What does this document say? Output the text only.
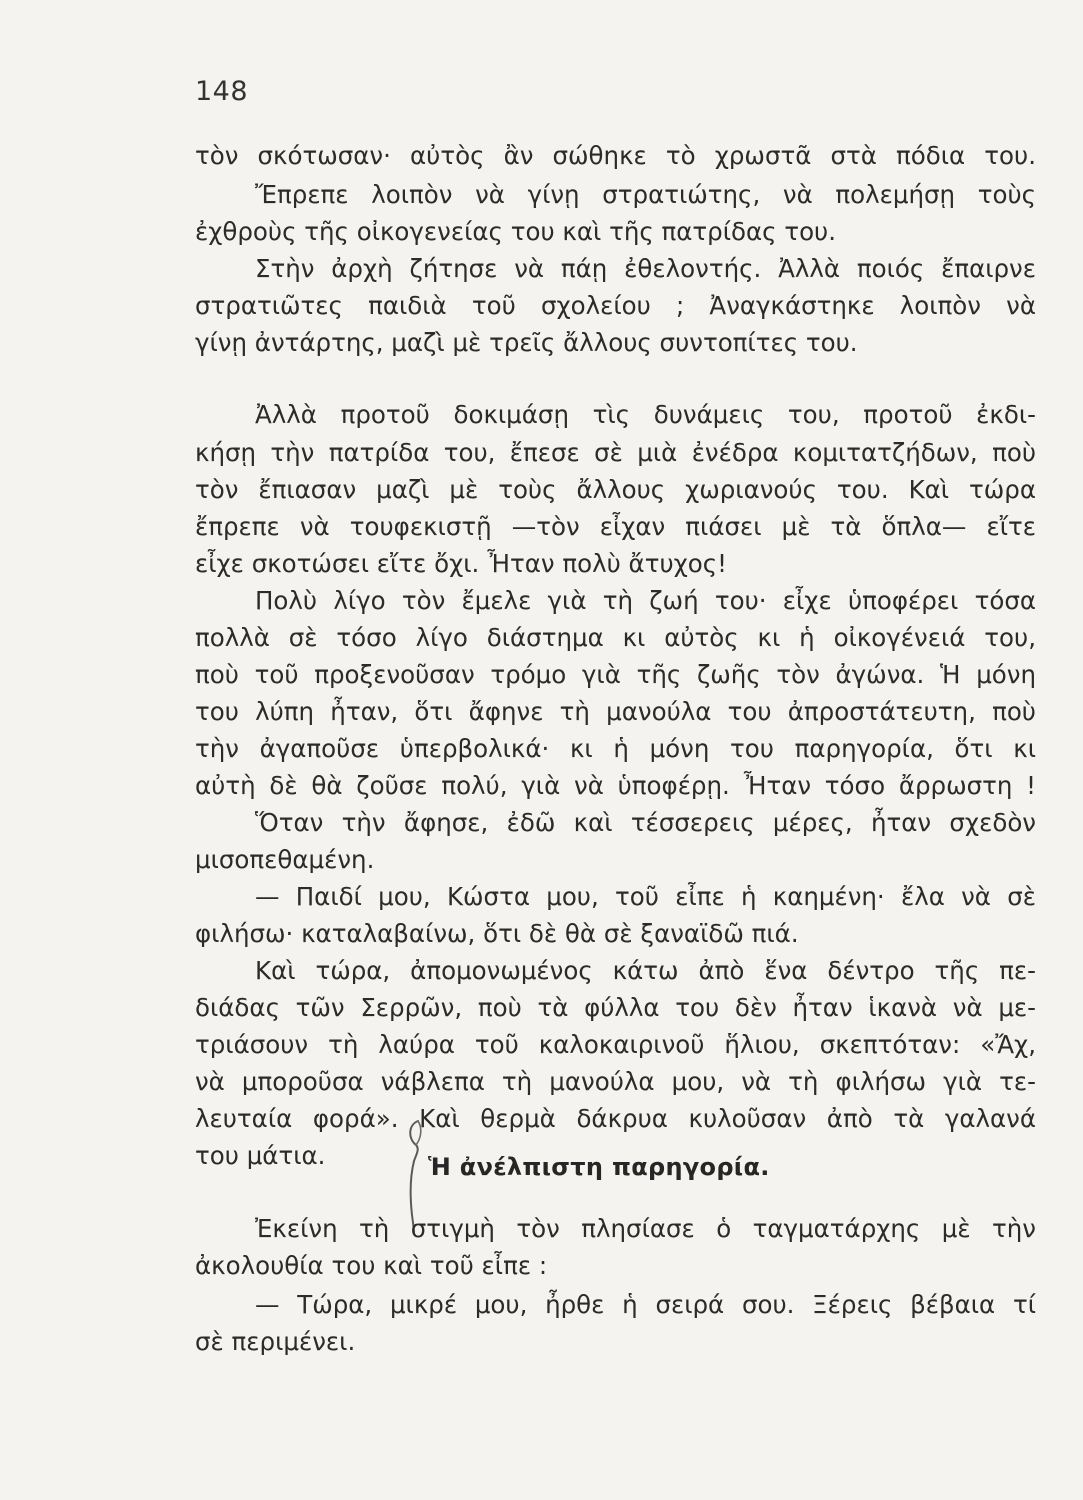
148
τὸν σκότωσαν· αὐτὸς ἂν σώθηκε τὸ χρωστᾶ στὰ πόδια του.
Ἔπρεπε λοιπὸν νὰ γίνῃ στρατιώτης, νὰ πολεμήσῃ τοὺς
ἐχθροὺς τῆς οἰκογενείας του καὶ τῆς πατρίδας του.
Στὴν ἀρχὴ ζήτησε νὰ πάῃ ἐθελοντής. Ἀλλὰ ποιός ἔπαιρνε
στρατιῶτες παιδιὰ τοῦ σχολείου ; Ἀναγκάστηκε λοιπὸν νὰ
γίνῃ ἀντάρτης, μαζὶ μὲ τρεῖς ἄλλους συντοπίτες του.
Ἀλλὰ προτοῦ δοκιμάσῃ τὶς δυνάμεις του, προτοῦ ἐκδι-
κήσῃ τὴν πατρίδα του, ἔπεσε σὲ μιὰ ἐνέδρα κομιτατζήδων, ποὺ
τὸν ἔπιασαν μαζὶ μὲ τοὺς ἄλλους χωριανούς του. Καὶ τώρα
ἔπρεπε νὰ τουφεκιστῇ —τὸν εἶχαν πιάσει μὲ τὰ ὅπλα— εἴτε
εἶχε σκοτώσει εἴτε ὄχι. Ἦταν πολὺ ἄτυχος!
Πολὺ λίγο τὸν ἔμελε γιὰ τὴ ζωή του· εἶχε ὑποφέρει τόσα
πολλὰ σὲ τόσο λίγο διάστημα κι αὐτὸς κι ἡ οἰκογένειά του,
ποὺ τοῦ προξενοῦσαν τρόμο γιὰ τῆς ζωῆς τὸν ἀγώνα. Ἡ μόνη
του λύπη ἦταν, ὅτι ἄφηνε τὴ μανούλα του ἀπροστάτευτη, ποὺ
τὴν ἀγαποῦσε ὑπερβολικά· κι ἡ μόνη του παρηγορία, ὅτι κι
αὐτὴ δὲ θὰ ζοῦσε πολύ, γιὰ νὰ ὑποφέρῃ. Ἦταν τόσο ἄρρωστη !
Ὅταν τὴν ἄφησε, ἐδῶ καὶ τέσσερεις μέρες, ἦταν σχεδὸν
μισοπεθαμένη.
— Παιδί μου, Κώστα μου, τοῦ εἶπε ἡ καημένη· ἔλα νὰ σὲ
φιλήσω· καταλαβαίνω, ὅτι δὲ θὰ σὲ ξαναϊδῶ πιά.
Καὶ τώρα, ἀπομονωμένος κάτω ἀπὸ ἕνα δέντρο τῆς πε-
διάδας τῶν Σερρῶν, ποὺ τὰ φύλλα του δὲν ἦταν ἱκανὰ νὰ με-
τριάσουν τὴ λαύρα τοῦ καλοκαιρινοῦ ἥλιου, σκεπτόταν: «Ἄχ,
νὰ μποροῦσα νάβλεπα τὴ μανούλα μου, νὰ τὴ φιλήσω γιὰ τε-
λευταία φορά». Καὶ θερμὰ δάκρυα κυλοῦσαν ἀπὸ τὰ γαλανά
του μάτια.	Ἡ ἀνέλπιστη παρηγορία.
Ἐκείνη τὴ στιγμὴ τὸν πλησίασε ὁ ταγματάρχης μὲ τὴν
ἀκολουθία του καὶ τοῦ εἶπε :
— Τώρα, μικρέ μου, ἦρθε ἡ σειρά σου. Ξέρεις βέβαια τί
σὲ περιμένει.
